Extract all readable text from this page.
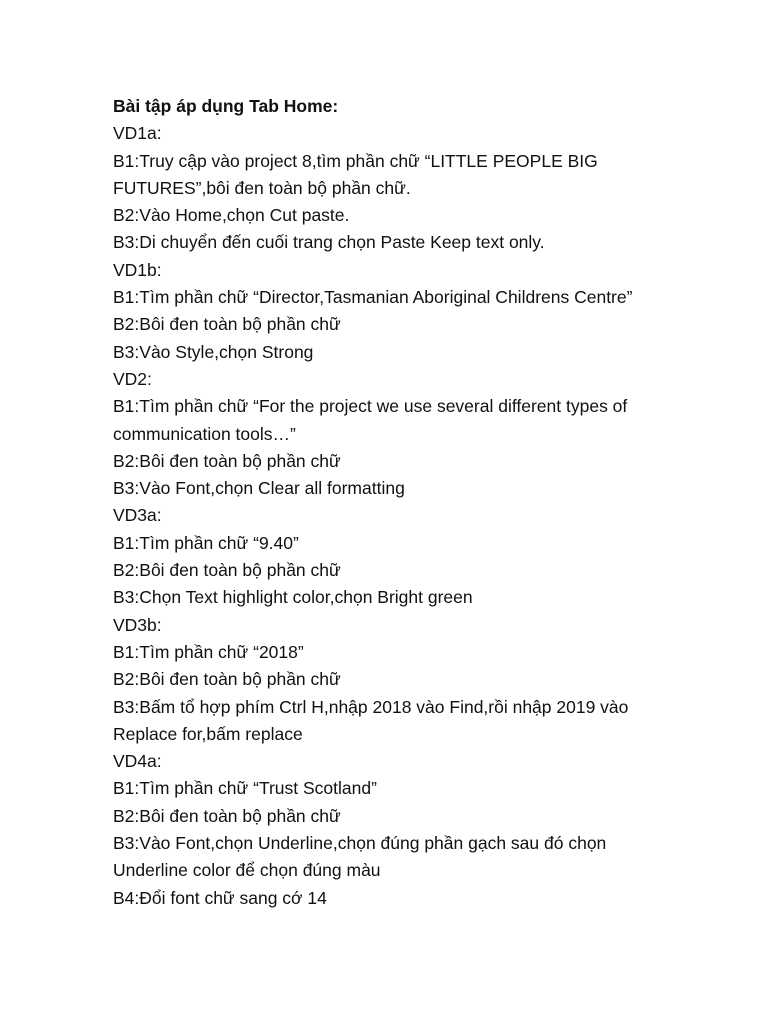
Bài tập áp dụng Tab Home:

VD1a:

B1:Truy cập vào project 8,tìm phần chữ “LITTLE PEOPLE BIG

FUTURES”,bôi đen toàn bộ phần chữ.

B2:Vào Home,chọn Cut paste.

B3:Di chuyển đến cuối trang chọn Paste Keep text only.

VD1b:

B1:Tìm phần chữ “Director,Tasmanian Aboriginal Childrens Centre”

B2:Bôi đen toàn bộ phần chữ

B3:Vào Style,chọn Strong

VD2:

B1:Tìm phần chữ “For the project we use several different types of

communication tools…”

B2:Bôi đen toàn bộ phần chữ

B3:Vào Font,chọn Clear all formatting

VD3a:

B1:Tìm phần chữ “9.40”

B2:Bôi đen toàn bộ phần chữ

B3:Chọn Text highlight color,chọn Bright green

VD3b:

B1:Tìm phần chữ “2018”

B2:Bôi đen toàn bộ phần chữ

B3:Bấm tổ hợp phím Ctrl H,nhập 2018 vào Find,rồi nhập 2019 vào

Replace for,bấm replace

VD4a:

B1:Tìm phần chữ “Trust Scotland”

B2:Bôi đen toàn bộ phần chữ

B3:Vào Font,chọn Underline,chọn đúng phần gạch sau đó chọn

Underline color để chọn đúng màu

B4:Đổi font chữ sang cớ 14
